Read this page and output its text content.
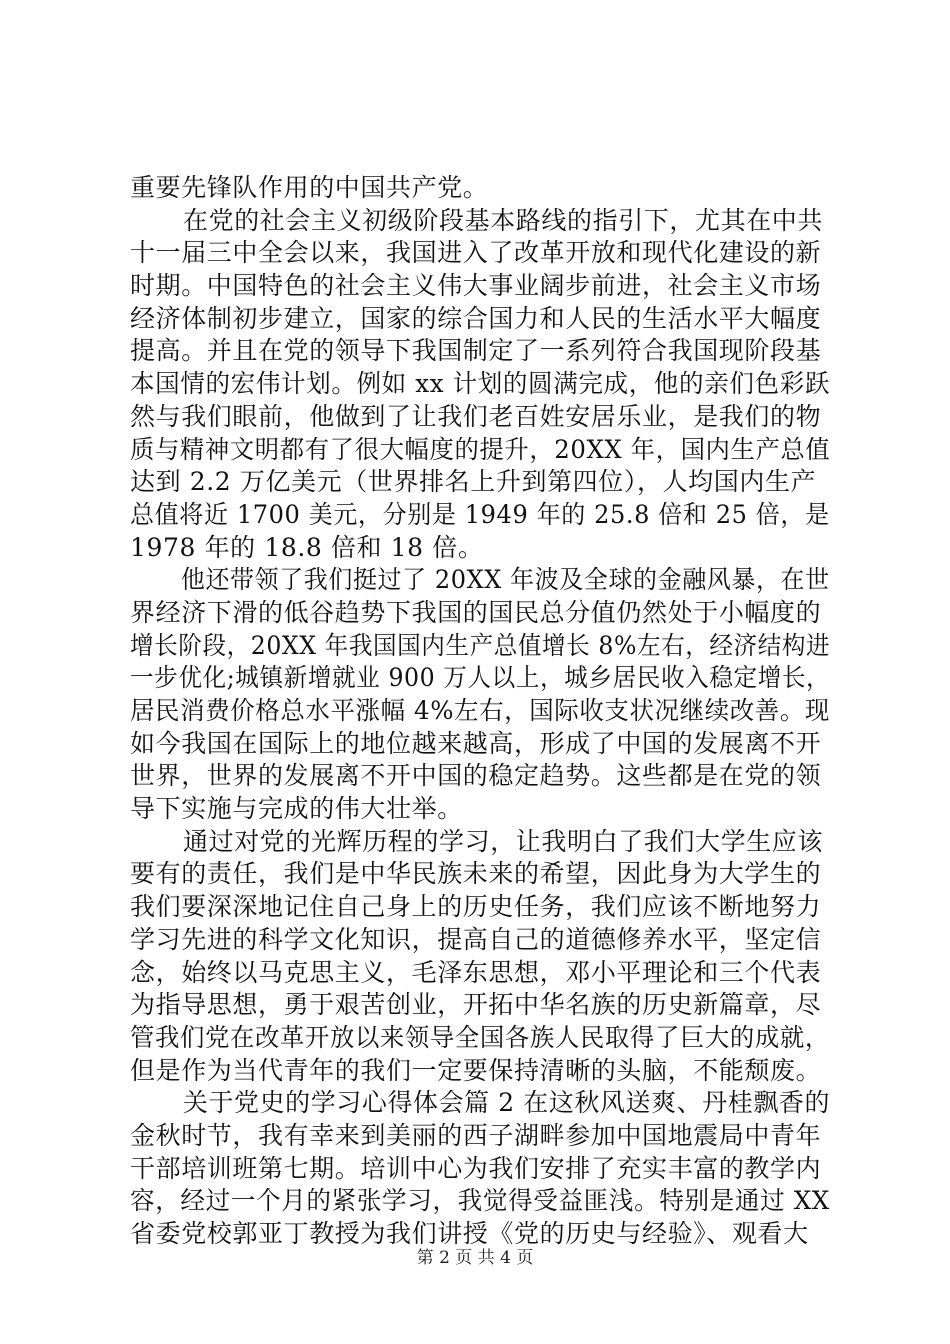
重要先锋队作用的中国共产党。
在党的社会主义初级阶段基本路线的指引下，尤其在中共
十一届三中全会以来，我国进入了改革开放和现代化建设的新
时期。中国特色的社会主义伟大事业阔步前进，社会主义市场
经济体制初步建立，国家的综合国力和人民的生活水平大幅度
提高。并且在党的领导下我国制定了一系列符合我国现阶段基
本国情的宏伟计划。例如 xx 计划的圆满完成，他的亲们色彩跃
然与我们眼前，他做到了让我们老百姓安居乐业，是我们的物
质与精神文明都有了很大幅度的提升，20XX 年，国内生产总值
达到 2.2 万亿美元（世界排名上升到第四位），人均国内生产
总值将近 1700 美元，分别是 1949 年的 25.8 倍和 25 倍，是
1978 年的 18.8 倍和 18 倍。
他还带领了我们挺过了 20XX 年波及全球的金融风暴，在世
界经济下滑的低谷趋势下我国的国民总分值仍然处于小幅度的
增长阶段，20XX 年我国国内生产总值增长 8%左右，经济结构进
一步优化;城镇新增就业 900 万人以上，城乡居民收入稳定增长，
居民消费价格总水平涨幅 4%左右，国际收支状况继续改善。现
如今我国在国际上的地位越来越高，形成了中国的发展离不开
世界，世界的发展离不开中国的稳定趋势。这些都是在党的领
导下实施与完成的伟大壮举。
通过对党的光辉历程的学习，让我明白了我们大学生应该
要有的责任，我们是中华民族未来的希望，因此身为大学生的
我们要深深地记住自己身上的历史任务，我们应该不断地努力
学习先进的科学文化知识，提高自己的道德修养水平，坚定信
念，始终以马克思主义，毛泽东思想，邓小平理论和三个代表
为指导思想，勇于艰苦创业，开拓中华名族的历史新篇章，尽
管我们党在改革开放以来领导全国各族人民取得了巨大的成就，
但是作为当代青年的我们一定要保持清晰的头脑，不能颓废。
关于党史的学习心得体会篇 2 在这秋风送爽、丹桂飘香的
金秋时节，我有幸来到美丽的西子湖畔参加中国地震局中青年
干部培训班第七期。培训中心为我们安排了充实丰富的教学内
容，经过一个月的紧张学习，我觉得受益匪浅。特别是通过 XX
省委党校郭亚丁教授为我们讲授《党的历史与经验》、观看大
第 2 页 共 4 页
